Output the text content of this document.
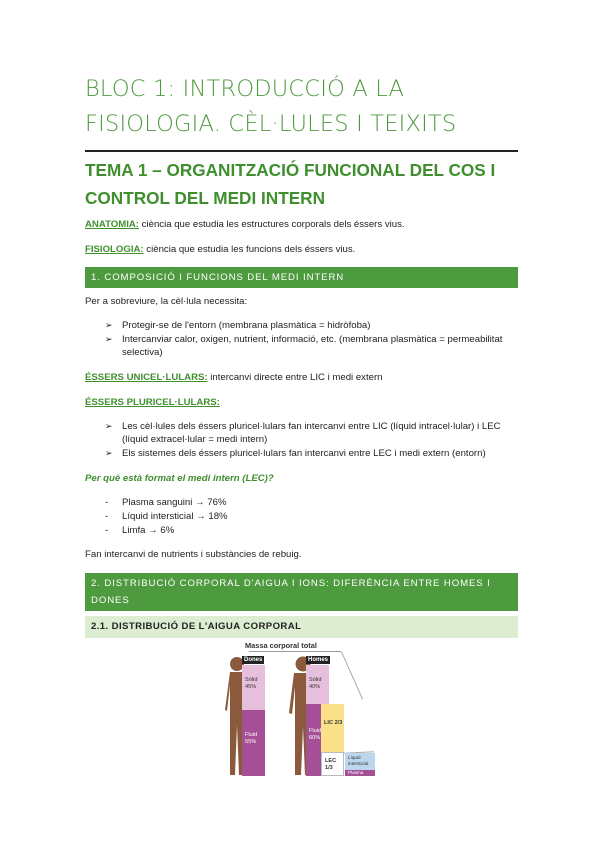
BLOC 1: INTRODUCCIÓ A LA FISIOLOGIA. CÈL·LULES I TEIXITS
TEMA 1 – ORGANITZACIÓ FUNCIONAL DEL COS I CONTROL DEL MEDI INTERN
ANATOMIA: ciència que estudia les estructures corporals dels éssers vius.
FISIOLOGIA: ciència que estudia les funcions dels éssers vius.
1. COMPOSICIÓ I FUNCIONS DEL MEDI INTERN
Per a sobreviure, la cèl·lula necessita:
➢ Protegir-se de l'entorn (membrana plasmàtica = hidròfoba)
➢ Intercanviar calor, oxigen, nutrient, informació, etc. (membrana plasmàtica = permeabilitat selectiva)
ÉSSERS UNICEL·LULARS: intercanvi directe entre LIC i medi extern
ÉSSERS PLURICEL·LULARS:
➢ Les cèl·lules dels éssers pluricel·lulars fan intercanvi entre LIC (líquid intracel·lular) i LEC (líquid extracel·lular = medi intern)
➢ Els sistemes dels éssers pluricel·lulars fan intercanvi entre LEC i medi extern (entorn)
Per què està format el medi intern (LEC)?
- Plasma sanguini → 76%
- Líquid intersticial → 18%
- Limfa → 6%
Fan intercanvi de nutrients i substàncies de rebuig.
2. DISTRIBUCIÓ CORPORAL D'AIGUA I IONS: DIFERÈNCIA ENTRE HOMES I DONES
2.1. DISTRIBUCIÓ DE L'AIGUA CORPORAL
Massa corporal total
Dones
Sòlid 45%
Fluid 55%
Homes
Sòlid 40%
Fluid 60%
LIC 2/3
LEC 1/3
Líquid intersticial
Plasma
